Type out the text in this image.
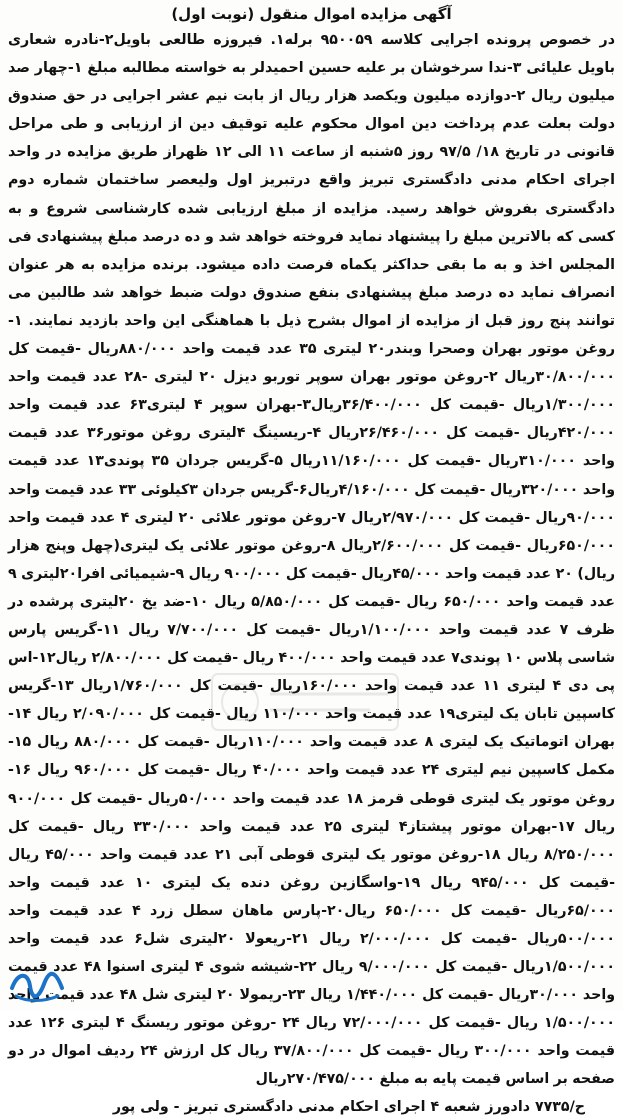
آگهی مزایده اموال منقول (نوبت اول)

در خصوص پرونده اجرایی کلاسه ۹۵۰۰۵۹ برله۱. فیروزه طالعی باویل۲-نادره شعاری باویل علیائی ۳-ندا سرخوشان بر علیه حسین احمیدلر به خواسته مطالبه مبلغ ۱-چهار صد میلیون ریال ۲-دوازده میلیون ویکصد هزار ریال از بابت نیم عشر اجرایی در حق صندوق دولت بعلت عدم پرداخت دین اموال محکوم علیه توقیف دین از ارزیابی و طی مراحل قانونی در تاریخ ۱۸/ ۹۷/۵ روز ۵شنبه از ساعت ۱۱ الی ۱۲ ظهراز طریق مزایده در واحد اجرای احکام مدنی دادگستری تبریز واقع درتبریز اول ولیعصر ساختمان شماره دوم دادگستری بفروش خواهد رسید. مزایده از مبلغ ارزیابی شده کارشناسی شروع و به کسی که بالاترین مبلغ را پیشنهاد نماید فروخته خواهد شد و ده درصد مبلغ پیشنهادی فی المجلس اخذ و به ما بقی حداکثر یکماه فرصت داده میشود. برنده مزایده به هر عنوان انصراف نماید ده درصد مبلغ پیشنهادی بنفع صندوق دولت ضبط خواهد شد طالبین می توانند پنج روز قبل از مزایده از اموال بشرح ذیل با هماهنگی این واحد بازدید نمایند. ۱-روغن موتور بهران وصحرا وبندر۲۰ لیتری ۳۵ عدد قیمت واحد ۸۸۰/۰۰۰ریال -قیمت کل ۳۰/۸۰۰/۰۰۰ریال ۲-روغن موتور بهران سوپر توربو دیزل ۲۰ لیتری -۲۸ عدد قیمت واحد ۱/۳۰۰/۰۰۰ریال -قیمت کل ۳۶/۴۰۰/۰۰۰ریال۳-بهران سوپر ۴ لیتری۶۳ عدد قیمت واحد ۴۲۰/۰۰۰ریال -قیمت کل ۲۶/۴۶۰/۰۰۰ریال ۴-ریسینگ ۴لیتری روغن موتور۳۶ عدد قیمت واحد ۳۱۰/۰۰۰ریال -قیمت کل ۱۱/۱۶۰/۰۰۰ریال ۵-گریس جردان ۳۵ پوندی۱۳ عدد قیمت واحد ۳۲۰/۰۰۰ریال -قیمت کل ۴/۱۶۰/۰۰۰ریال۶-گریس جردان ۳کیلوئی ۳۳ عدد قیمت واحد ۹۰/۰۰۰ریال -قیمت کل ۲/۹۷۰/۰۰۰ریال ۷-روغن موتور علائی ۲۰ لیتری ۴ عدد قیمت واحد ۶۵۰/۰۰۰ریال -قیمت کل ۲/۶۰۰/۰۰۰ریال ۸-روغن موتور علائی یک لیتری(چهل وپنج هزار ریال) ۲۰ عدد قیمت واحد ۴۵/۰۰۰ریال -قیمت کل ۹۰۰/۰۰۰ ریال ۹-شیمیائی افرا۲۰لیتری ۹ عدد قیمت واحد ۶۵۰/۰۰۰ ریال -قیمت کل ۵/۸۵۰/۰۰۰ ریال ۱۰-ضد یخ ۲۰لیتری پرشده در ظرف ۷ عدد قیمت واحد ۱/۱۰۰/۰۰۰ریال -قیمت کل ۷/۷۰۰/۰۰۰ ریال ۱۱-گریس پارس شاسی پلاس ۱۰ پوندی۷ عدد قیمت واحد ۴۰۰/۰۰۰ ریال -قیمت کل ۲/۸۰۰/۰۰۰ ریال۱۲-اس پی دی ۴ لیتری ۱۱ عدد قیمت واحد ۱۶۰/۰۰۰ریال -قیمت کل ۱/۷۶۰/۰۰۰ریال ۱۳-گریس کاسپین تابان یک لیتری۱۹ عدد قیمت واحد ۱۱۰/۰۰۰ ریال -قیمت کل ۲/۰۹۰/۰۰۰ ریال ۱۴-بهران اتوماتیک یک لیتری ۸ عدد قیمت واحد ۱۱۰/۰۰۰ریال -قیمت کل ۸۸۰/۰۰۰ ریال ۱۵-مکمل کاسپین نیم لیتری ۲۴ عدد قیمت واحد ۴۰/۰۰۰ ریال -قیمت کل ۹۶۰/۰۰۰ ریال ۱۶-روغن موتور یک لیتری قوطی قرمز ۱۸ عدد قیمت واحد ۵۰/۰۰۰ریال -قیمت کل ۹۰۰/۰۰۰ ریال ۱۷-بهران موتور پیشتاز۴ لیتری ۲۵ عدد قیمت واحد ۳۳۰/۰۰۰ ریال -قیمت کل ۸/۲۵۰/۰۰۰ ریال ۱۸-روغن موتور یک لیتری قوطی آبی ۲۱ عدد قیمت واحد ۴۵/۰۰۰ ریال -قیمت کل ۹۴۵/۰۰۰ ریال ۱۹-واسگازین روغن دنده یک لیتری ۱۰ عدد قیمت واحد ۶۵/۰۰۰ریال -قیمت کل ۶۵۰/۰۰۰ ریال۲۰-پارس ماهان سطل زرد ۴ عدد قیمت واحد ۵۰۰/۰۰۰ریال -قیمت کل ۲/۰۰۰/۰۰۰ ریال ۲۱-ریعولا ۲۰لیتری شل۶ عدد قیمت واحد ۱/۵۰۰/۰۰۰ریال -قیمت کل ۹/۰۰۰/۰۰۰ ریال ۲۲-شیشه شوی ۴ لیتری اسنوا ۴۸ عدد قیمت واحد ۳۰/۰۰۰ریال -قیمت کل ۱/۴۴۰/۰۰۰ ریال ۲۳-ریمولا ۲۰ لیتری شل ۴۸ عدد قیمت واحد ۱/۵۰۰/۰۰۰ ریال -قیمت کل ۷۲/۰۰۰/۰۰۰ ریال ۲۴ -روغن موتور ریسنگ ۴ لیتری ۱۲۶ عدد قیمت واحد ۳۰۰/۰۰۰ ریال -قیمت کل ۳۷/۸۰۰/۰۰۰ ریال کل ارزش ۲۴ ردیف اموال در دو صفحه بر اساس قیمت پایه به مبلغ ۲۷۰/۴۷۵/۰۰۰ریال

ح/۷۷۳۵ دادورز شعبه ۴ اجرای احکام مدنی دادگستری تبریز - ولی پور
